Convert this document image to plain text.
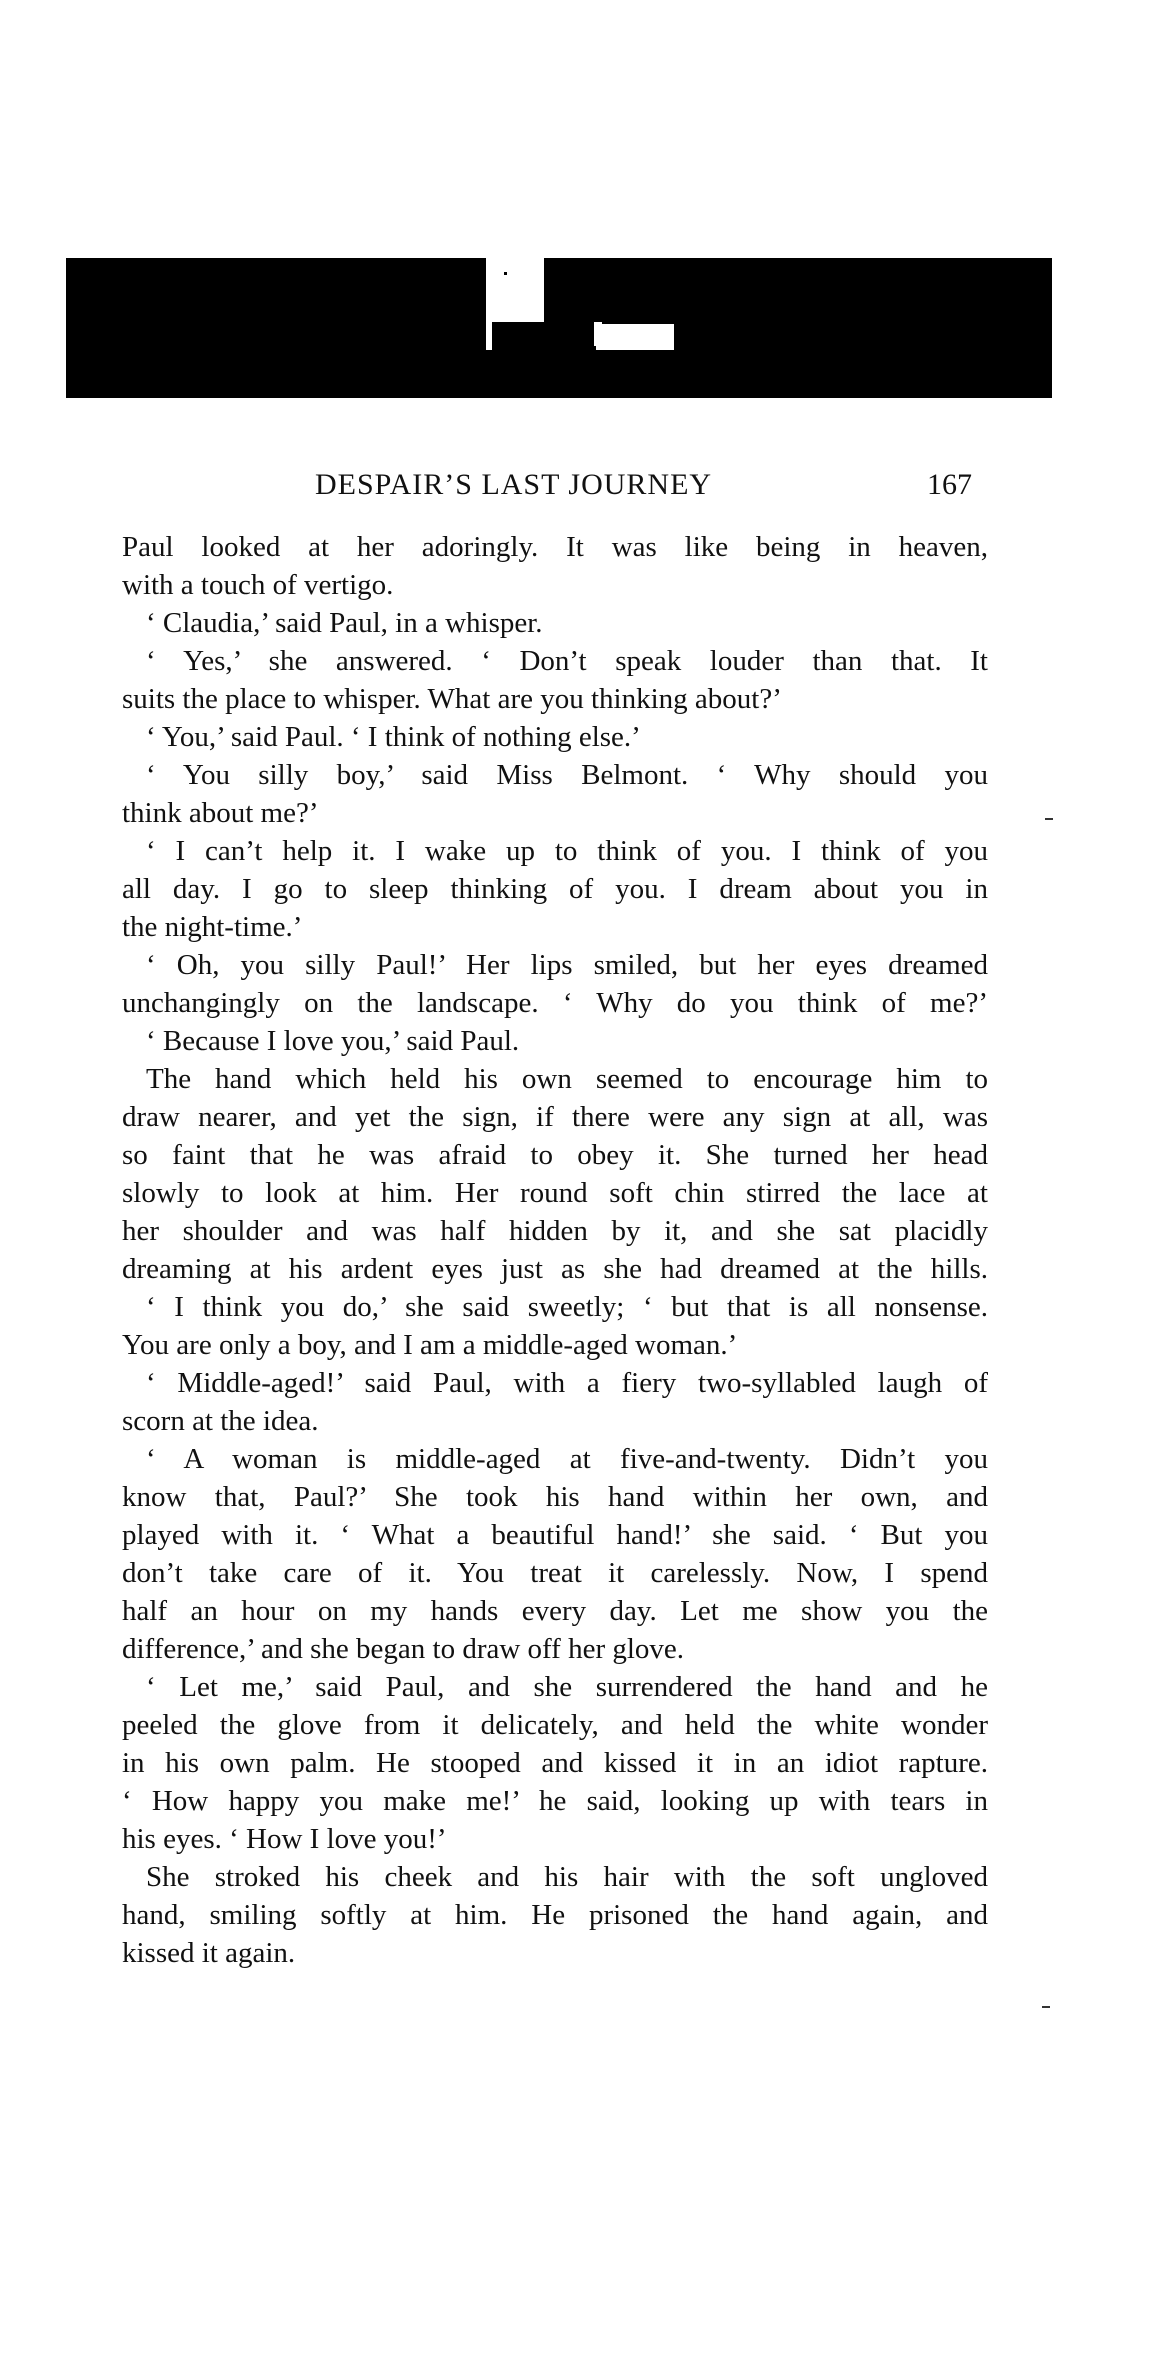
DESPAIR’S LAST JOURNEY	167
Paul looked at her adoringly. It was like being in heaven,
with a touch of vertigo.
‘ Claudia,’ said Paul, in a whisper.
‘ Yes,’ she answered. ‘ Don’t speak louder than that. It
suits the place to whisper. What are you thinking about?’
‘ You,’ said Paul. ‘ I think of nothing else.’
‘ You silly boy,’ said Miss Belmont. ‘ Why should you
think about me?’
‘ I can’t help it. I wake up to think of you. I think of you
all day. I go to sleep thinking of you. I dream about you in
the night-time.’
‘ Oh, you silly Paul!’ Her lips smiled, but her eyes dreamed
unchangingly on the landscape. ‘ Why do you think of me?’
‘ Because I love you,’ said Paul.
The hand which held his own seemed to encourage him to
draw nearer, and yet the sign, if there were any sign at all, was
so faint that he was afraid to obey it. She turned her head
slowly to look at him. Her round soft chin stirred the lace at
her shoulder and was half hidden by it, and she sat placidly
dreaming at his ardent eyes just as she had dreamed at the hills.
‘ I think you do,’ she said sweetly; ‘ but that is all nonsense.
You are only a boy, and I am a middle-aged woman.’
‘ Middle-aged!’ said Paul, with a fiery two-syllabled laugh of
scorn at the idea.
‘ A woman is middle-aged at five-and-twenty. Didn’t you
know that, Paul?’ She took his hand within her own, and
played with it. ‘ What a beautiful hand!’ she said. ‘ But you
don’t take care of it. You treat it carelessly. Now, I spend
half an hour on my hands every day. Let me show you the
difference,’ and she began to draw off her glove.
‘ Let me,’ said Paul, and she surrendered the hand and he
peeled the glove from it delicately, and held the white wonder
in his own palm. He stooped and kissed it in an idiot rapture.
‘ How happy you make me!’ he said, looking up with tears in
his eyes. ‘ How I love you!’
She stroked his cheek and his hair with the soft ungloved
hand, smiling softly at him. He prisoned the hand again, and
kissed it again.
